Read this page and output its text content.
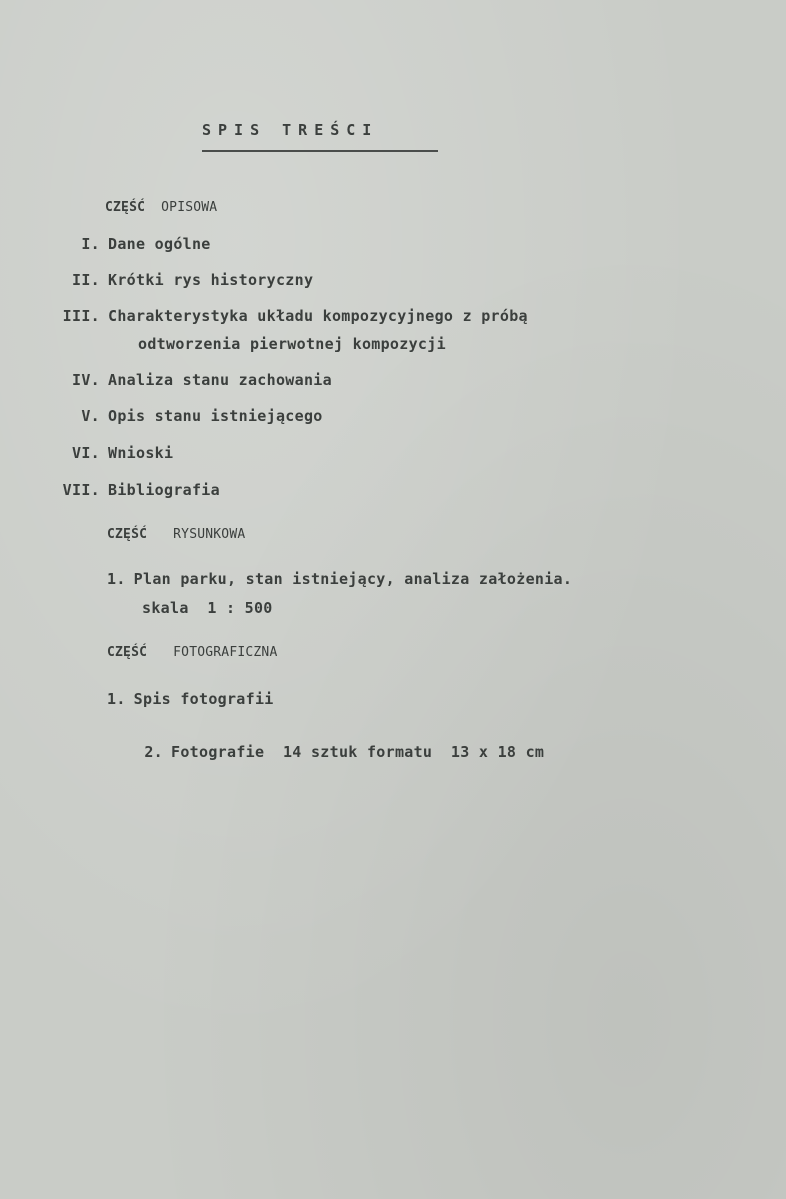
SPIS TREŚCI
CZĘŚĆ OPISOWA
I. Dane ogólne
II. Krótki rys historyczny
III. Charakterystyka układu kompozycyjnego z próbą
odtworzenia pierwotnej kompozycji
IV. Analiza stanu zachowania
V. Opis stanu istniejącego
VI. Wnioski
VII. Bibliografia
CZĘŚĆ RYSUNKOWA
1. Plan parku, stan istniejący, analiza założenia.
skala  1 : 500
CZĘŚĆ FOTOGRAFICZNA
1. Spis fotografii

2. Fotografie  14 sztuk formatu  13 x 18 cm
